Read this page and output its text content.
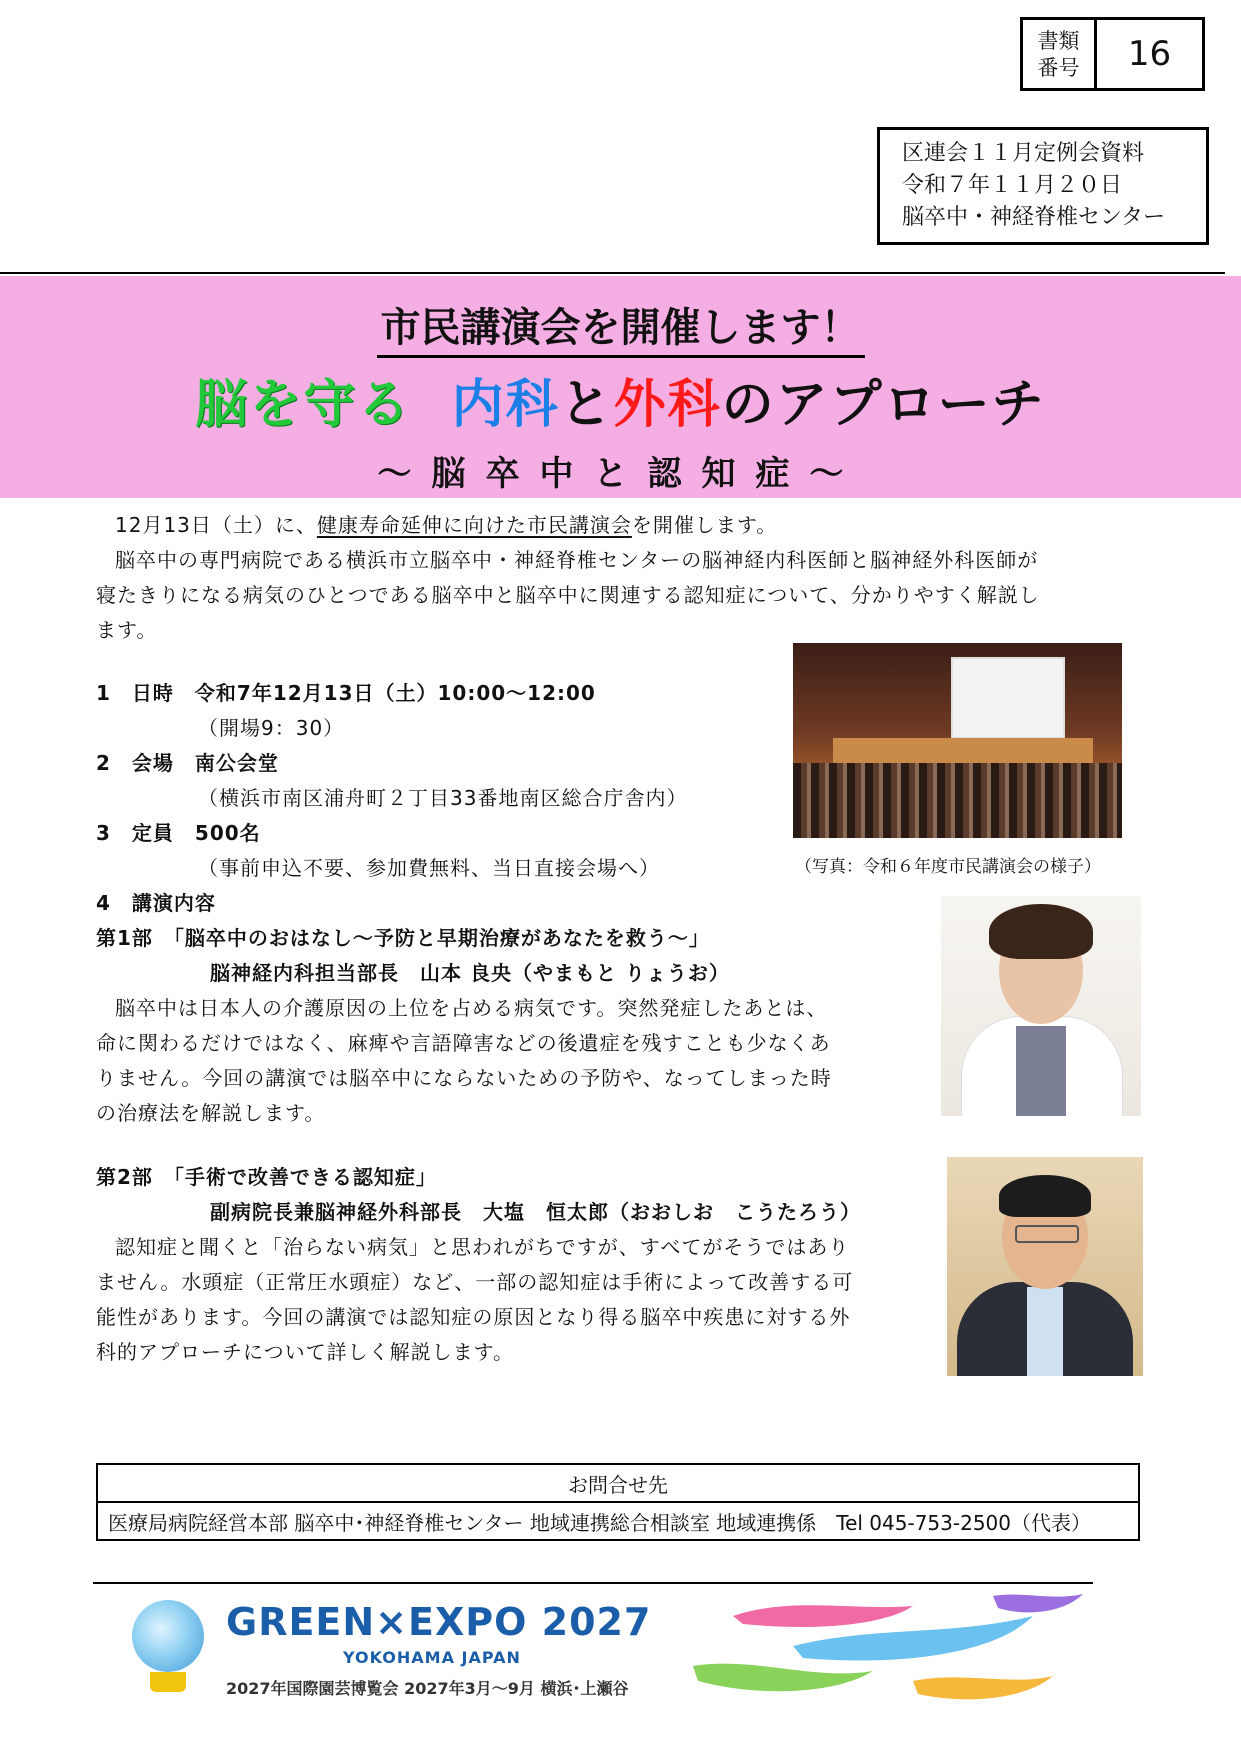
書類
番号	16
区連会１１月定例会資料
令和７年１１月２０日
脳卒中・神経脊椎センター
市民講演会を開催します！
脳を守る 内科と外科のアプローチ
～脳卒中と認知症～
12月13日（土）に、健康寿命延伸に向けた市民講演会を開催します。
脳卒中の専門病院である横浜市立脳卒中・神経脊椎センターの脳神経内科医師と脳神経外科医師が
寝たきりになる病気のひとつである脳卒中と脳卒中に関連する認知症について、分かりやすく解説し
ます。
1　日時　令和7年12月13日（土）10:00～12:00
（開場9：30）
2　会場　南公会堂
（横浜市南区浦舟町２丁目33番地南区総合庁舎内）
3　定員　500名
（事前申込不要、参加費無料、当日直接会場へ）
4　講演内容
（写真：令和６年度市民講演会の様子）
第1部　「脳卒中のおはなし～予防と早期治療があなたを救う～」
脳神経内科担当部長　山本 良央（やまもと りょうお）
脳卒中は日本人の介護原因の上位を占める病気です。突然発症したあとは、
命に関わるだけではなく、麻痺や言語障害などの後遺症を残すことも少なくあ
りません。今回の講演では脳卒中にならないための予防や、なってしまった時
の治療法を解説します。
第2部　「手術で改善できる認知症」
副病院長兼脳神経外科部長　大塩　恒太郎（おおしお　こうたろう）
認知症と聞くと「治らない病気」と思われがちですが、すべてがそうではあり
ません。水頭症（正常圧水頭症）など、一部の認知症は手術によって改善する可
能性があります。今回の講演では認知症の原因となり得る脳卒中疾患に対する外
科的アプローチについて詳しく解説します。
お問合せ先
医療局病院経営本部 脳卒中･神経脊椎センター 地域連携総合相談室 地域連携係　Tel 045-753-2500（代表）
GREEN×EXPO 2027
YOKOHAMA JAPAN
2027年国際園芸博覧会 2027年3月～9月 横浜･上瀬谷
